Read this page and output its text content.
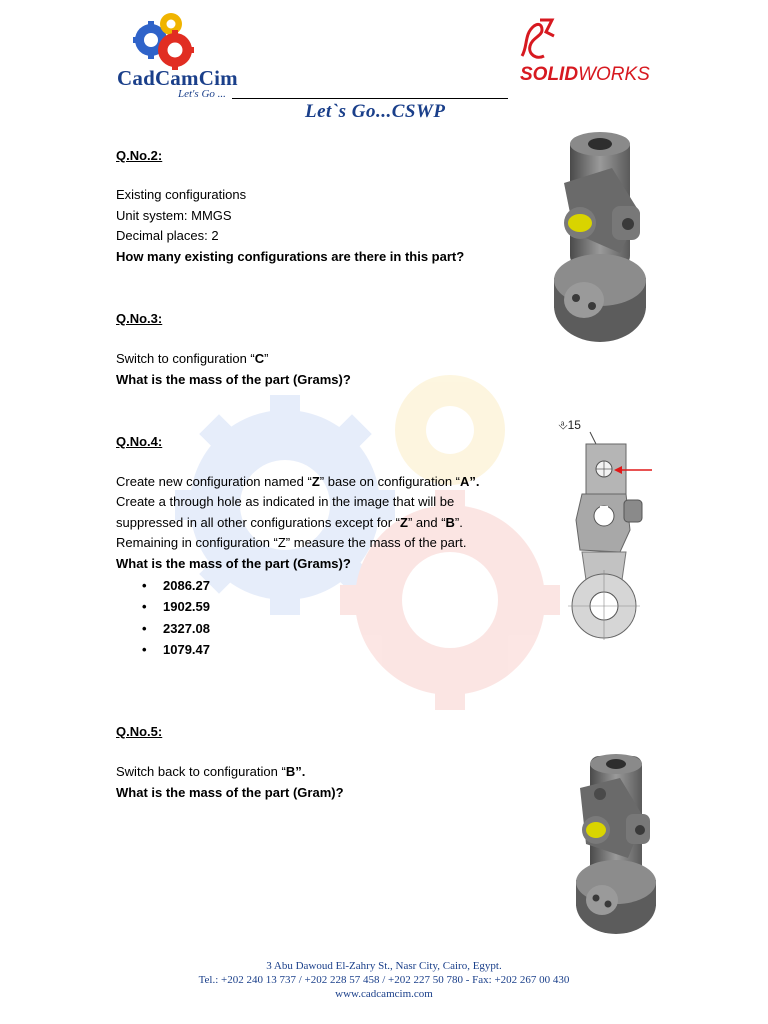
CadCamCim
Let's Go ...
Let`s Go...CSWP
SOLIDWORKS
Q.No.2:
Existing configurations
Unit system: MMGS
Decimal places: 2
How many existing configurations are there in this part?
Q.No.3:
Switch to configuration “C”
What is the mass of the part (Grams)?
Q.No.4:
Create new configuration named “Z” base on configuration “A”.
Create a through hole as indicated in the image that will be
suppressed in all other configurations except for “Z” and “B”.
Remaining in configuration “Z” measure the mass of the part.
What is the mass of the part (Grams)?
• 2086.27
• 1902.59
• 2327.08
• 1079.47
⎀15
Q.No.5:
Switch back to configuration “B”.
What is the mass of the part (Gram)?
3 Abu Dawoud El-Zahry St., Nasr City, Cairo, Egypt.
Tel.: +202 240 13 737 / +202 228 57 458 / +202 227 50 780 - Fax: +202 267 00 430
www.cadcamcim.com
